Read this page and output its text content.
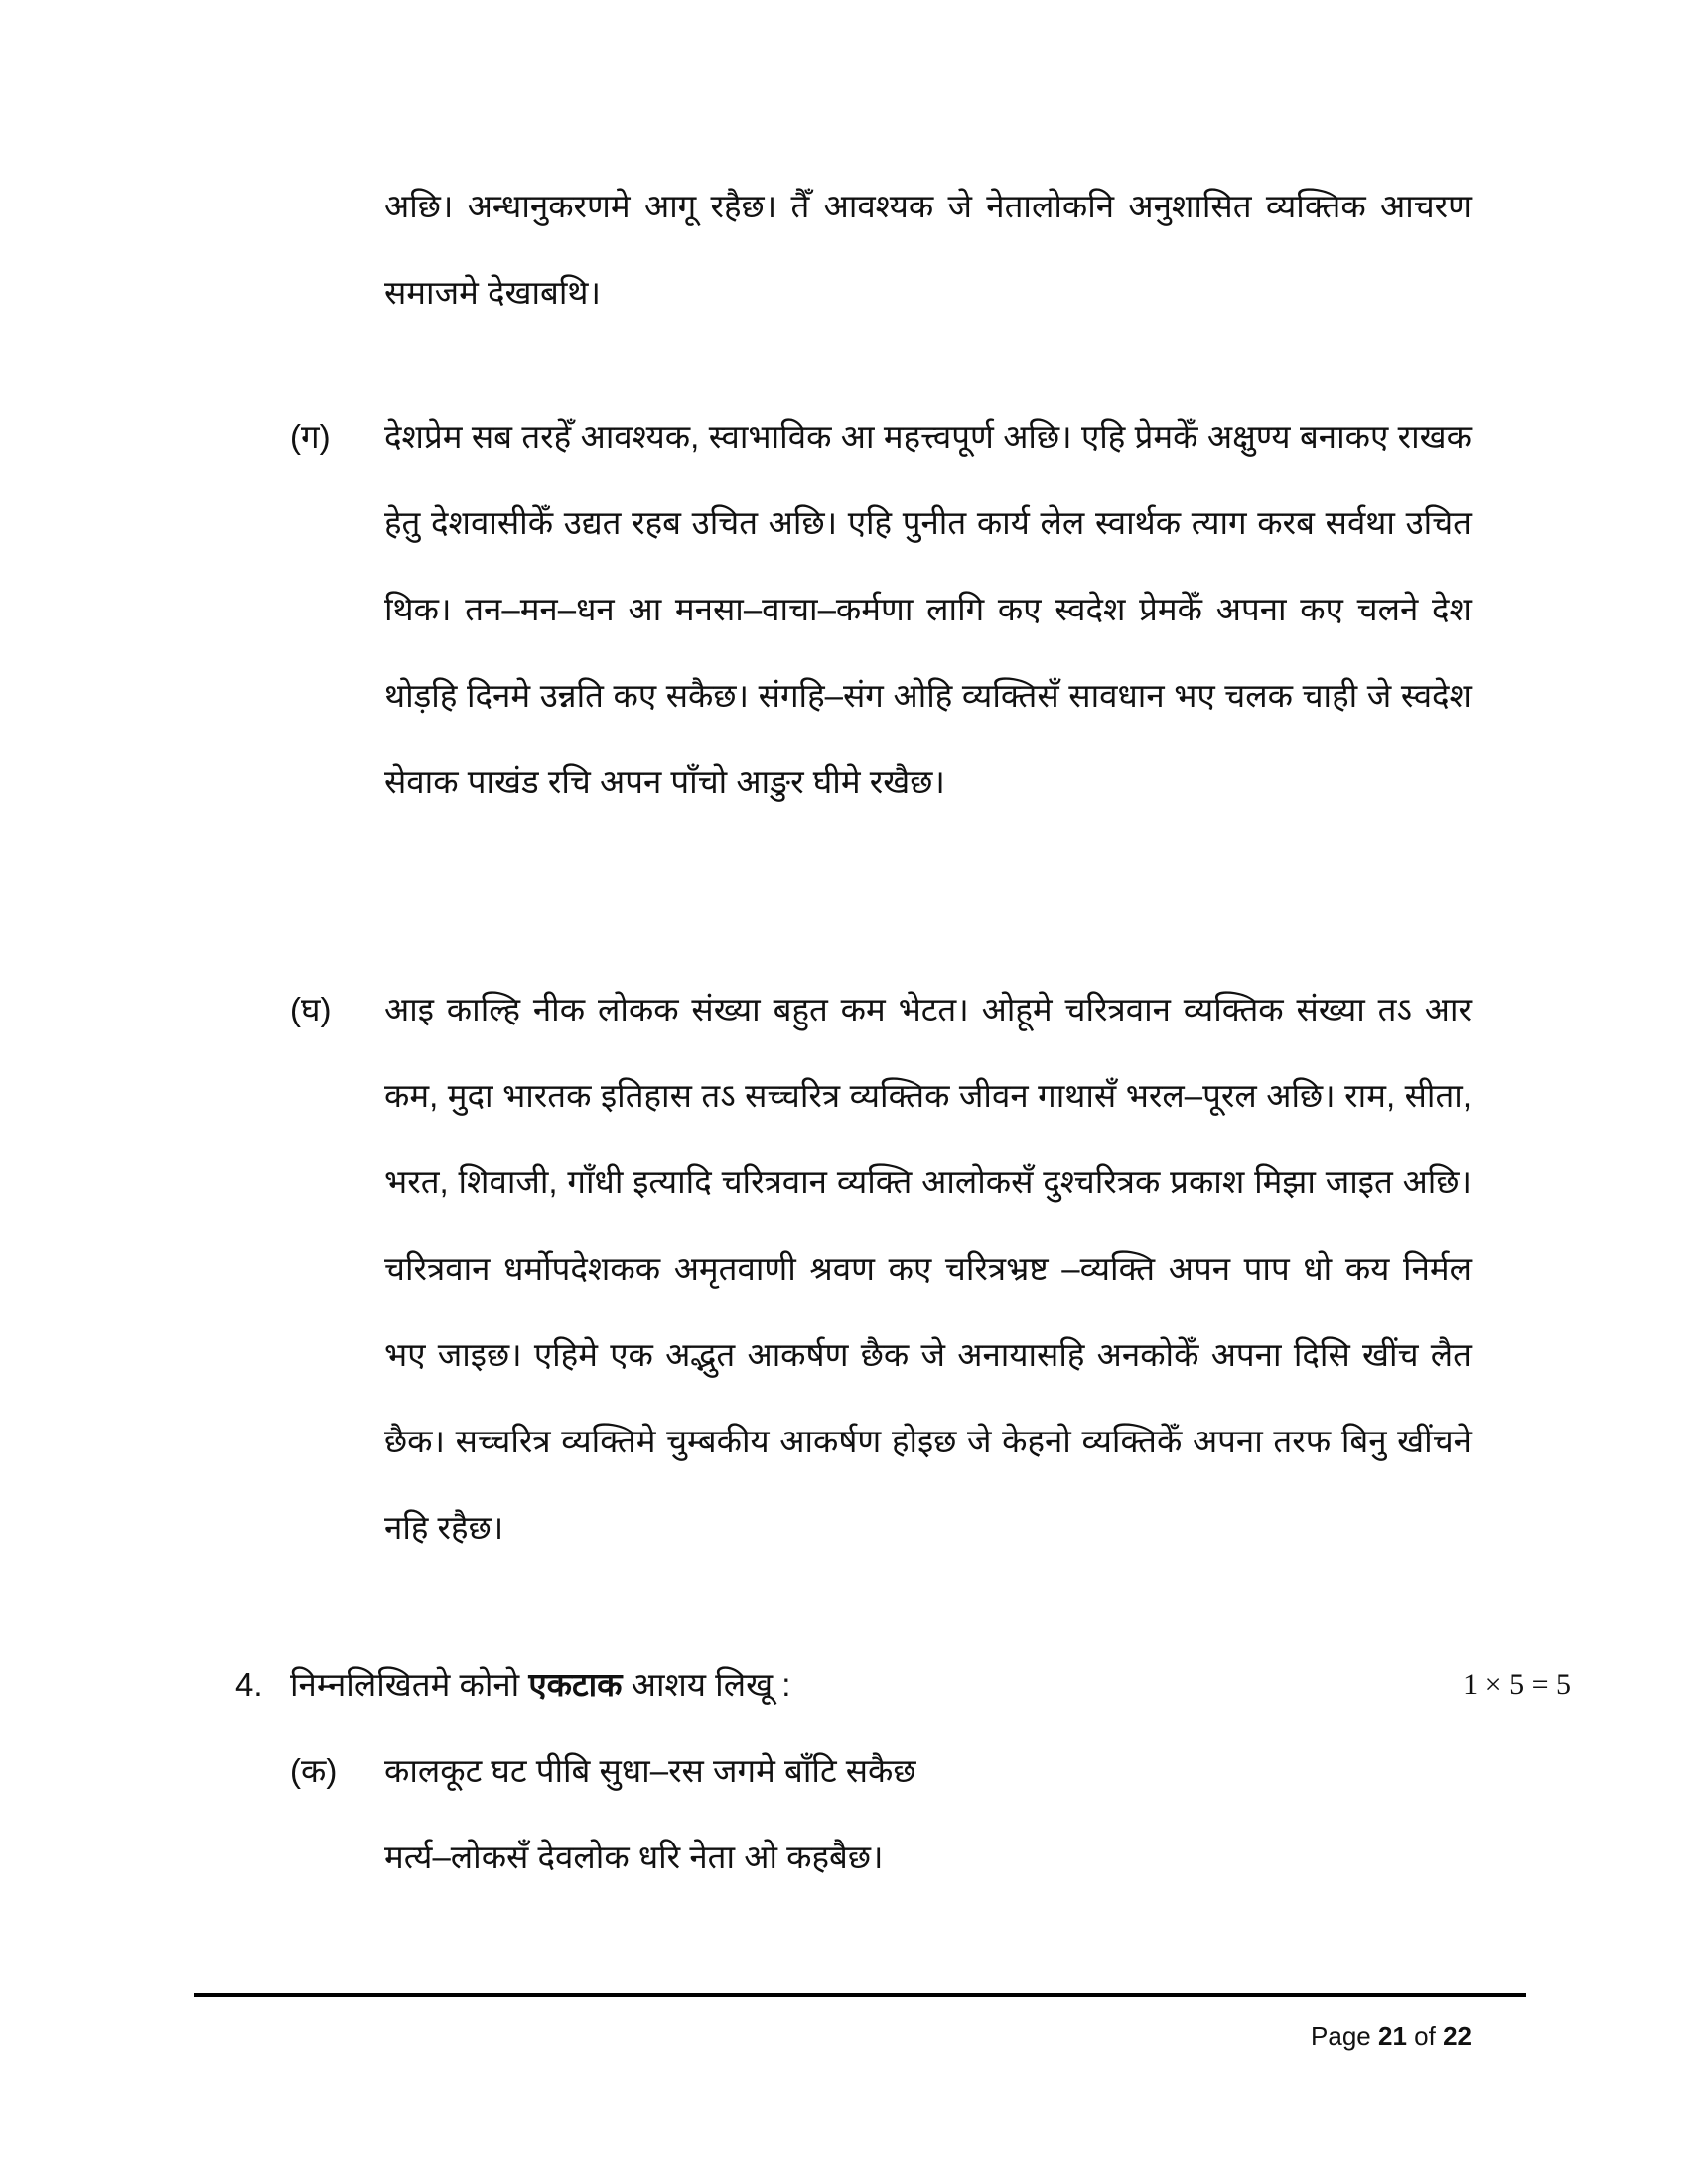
अछि। अन्धानुकरणमे आगू रहैछ। तैँ आवश्यक जे नेतालोकनि अनुशासित व्यक्तिक आचरण समाजमे देखाबथि।
(ग) देशप्रेम सब तरहेँ आवश्यक, स्वाभाविक आ महत्त्वपूर्ण अछि। एहि प्रेमकेँ अक्षुण्य बनाकए राखक हेतु देशवासीकेँ उद्यत रहब उचित अछि। एहि पुनीत कार्य लेल स्वार्थक त्याग करब सर्वथा उचित थिक। तन–मन–धन आ मनसा–वाचा–कर्मणा लागि कए स्वदेश प्रेमकेँ अपना कए चलने देश थोड़हि दिनमे उन्नति कए सकैछ। संगहि–संग ओहि व्यक्तिसँ सावधान भए चलक चाही जे स्वदेश सेवाक पाखंड रचि अपन पाँचो आङुर घीमे रखैछ।
(घ) आइ काल्हि नीक लोकक संख्या बहुत कम भेटत। ओहूमे चरित्रवान व्यक्तिक संख्या तऽ आर कम, मुदा भारतक इतिहास तऽ सच्चरित्र व्यक्तिक जीवन गाथासँ भरल–पूरल अछि। राम, सीता, भरत, शिवाजी, गाँधी इत्यादि चरित्रवान व्यक्ति आलोकसँ दुश्चरित्रक प्रकाश मिझा जाइत अछि। चरित्रवान धर्मोपदेशकक अमृतवाणी श्रवण कए चरित्रभ्रष्ट –व्यक्ति अपन पाप धो कय निर्मल भए जाइछ। एहिमे एक अद्भुत आकर्षण छैक जे अनायासहि अनकोकेँ अपना दिसि खींच लैत छैक। सच्चरित्र व्यक्तिमे चुम्बकीय आकर्षण होइछ जे केहनो व्यक्तिकेँ अपना तरफ बिनु खींचने नहि रहैछ।
4. निम्नलिखितमे कोनो एकटाक आशय लिखू :	1 × 5 = 5
(क) कालकूट घट पीबि सुधा–रस जगमे बाँटि सकैछ
मर्त्य–लोकसँ देवलोक धरि नेता ओ कहबैछ।
Page 21 of 22
